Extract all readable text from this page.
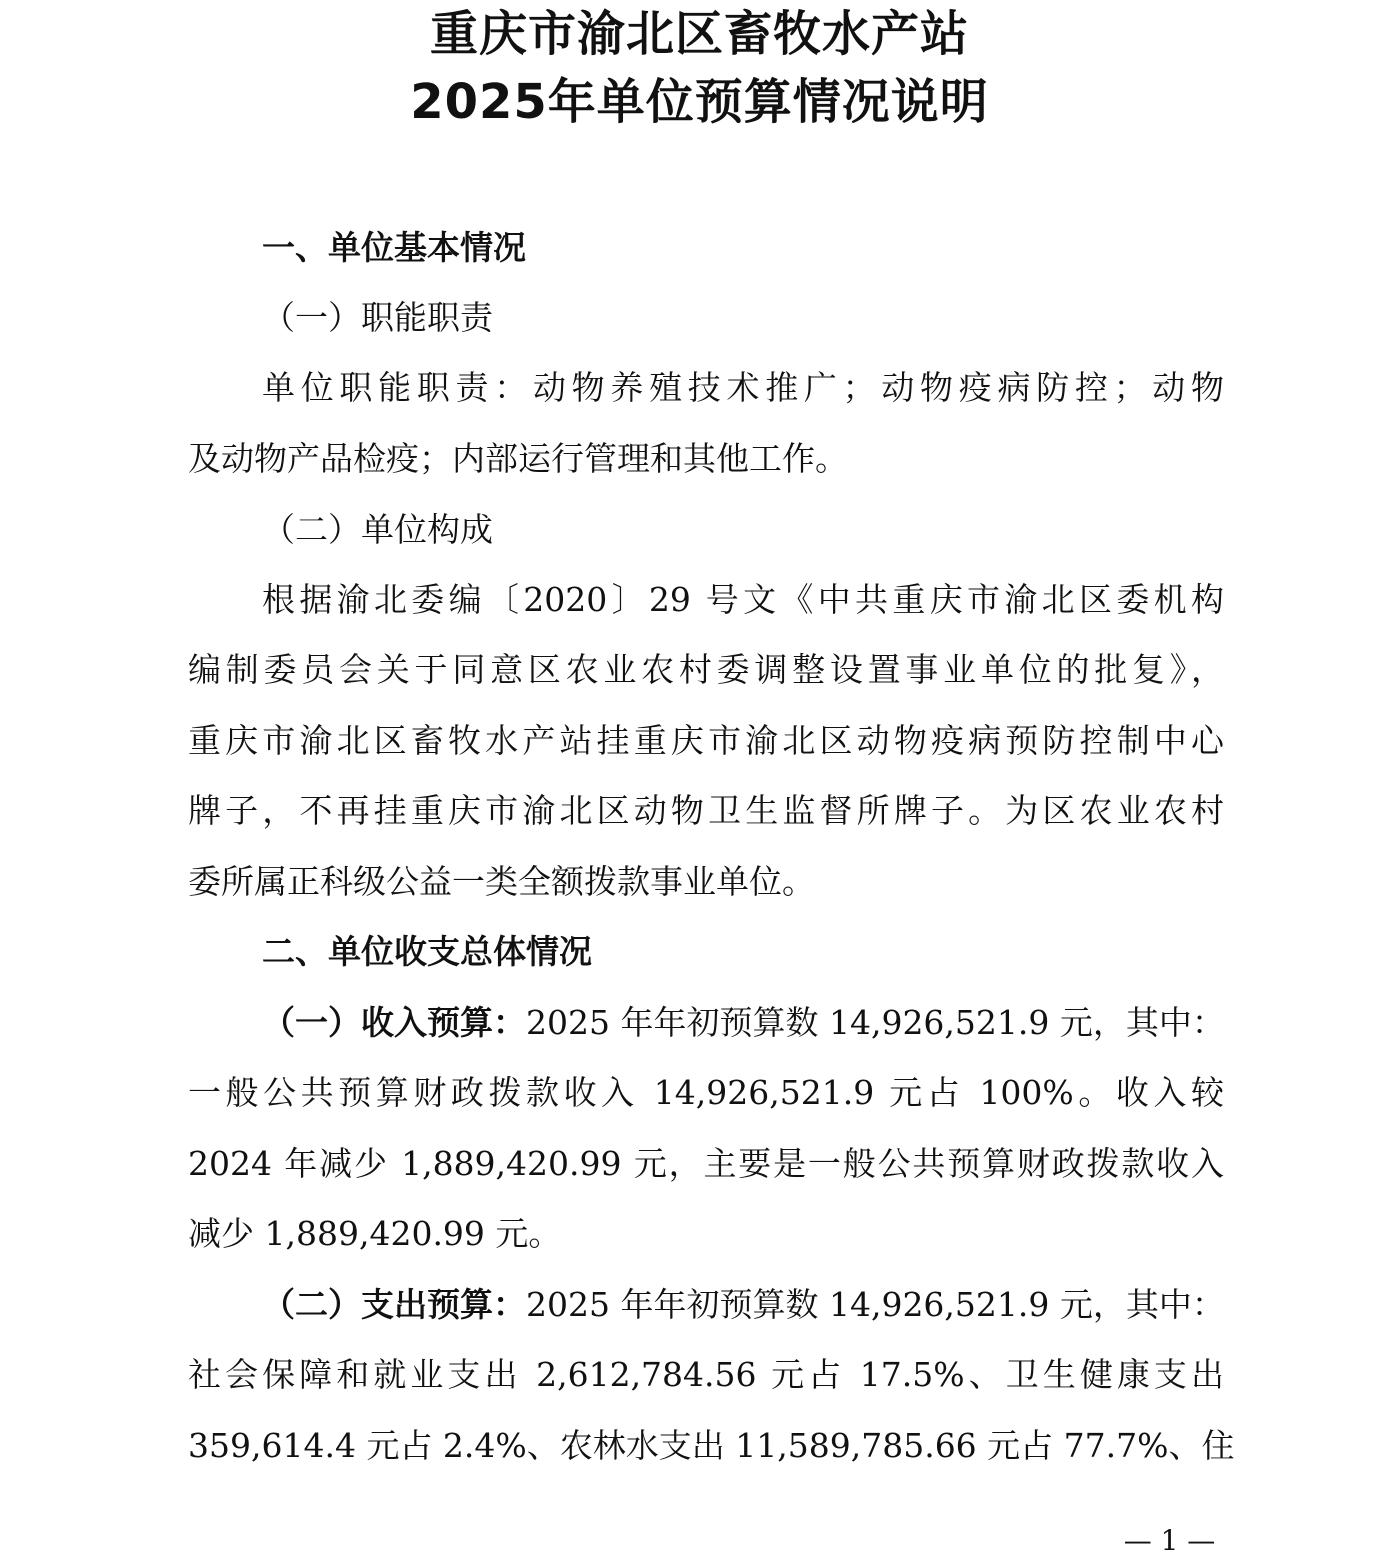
重庆市渝北区畜牧水产站
2025年单位预算情况说明
一、单位基本情况
（一）职能职责
单位职能职责：动物养殖技术推广；动物疫病防控；动物
及动物产品检疫；内部运行管理和其他工作。
（二）单位构成
根据渝北委编〔2020〕29 号文《中共重庆市渝北区委机构
编制委员会关于同意区农业农村委调整设置事业单位的批复》，
重庆市渝北区畜牧水产站挂重庆市渝北区动物疫病预防控制中心
牌子，不再挂重庆市渝北区动物卫生监督所牌子。为区农业农村
委所属正科级公益一类全额拨款事业单位。
二、单位收支总体情况
（一）收入预算：2025 年年初预算数 14,926,521.9 元，其中：
一般公共预算财政拨款收入 14,926,521.9 元占 100%。收入较
2024 年减少 1,889,420.99 元，主要是一般公共预算财政拨款收入
减少 1,889,420.99 元。
（二）支出预算：2025 年年初预算数 14,926,521.9 元，其中：
社会保障和就业支出 2,612,784.56 元占 17.5%、卫生健康支出
359,614.4 元占 2.4%、农林水支出 11,589,785.66 元占 77.7%、住
— 1 —
